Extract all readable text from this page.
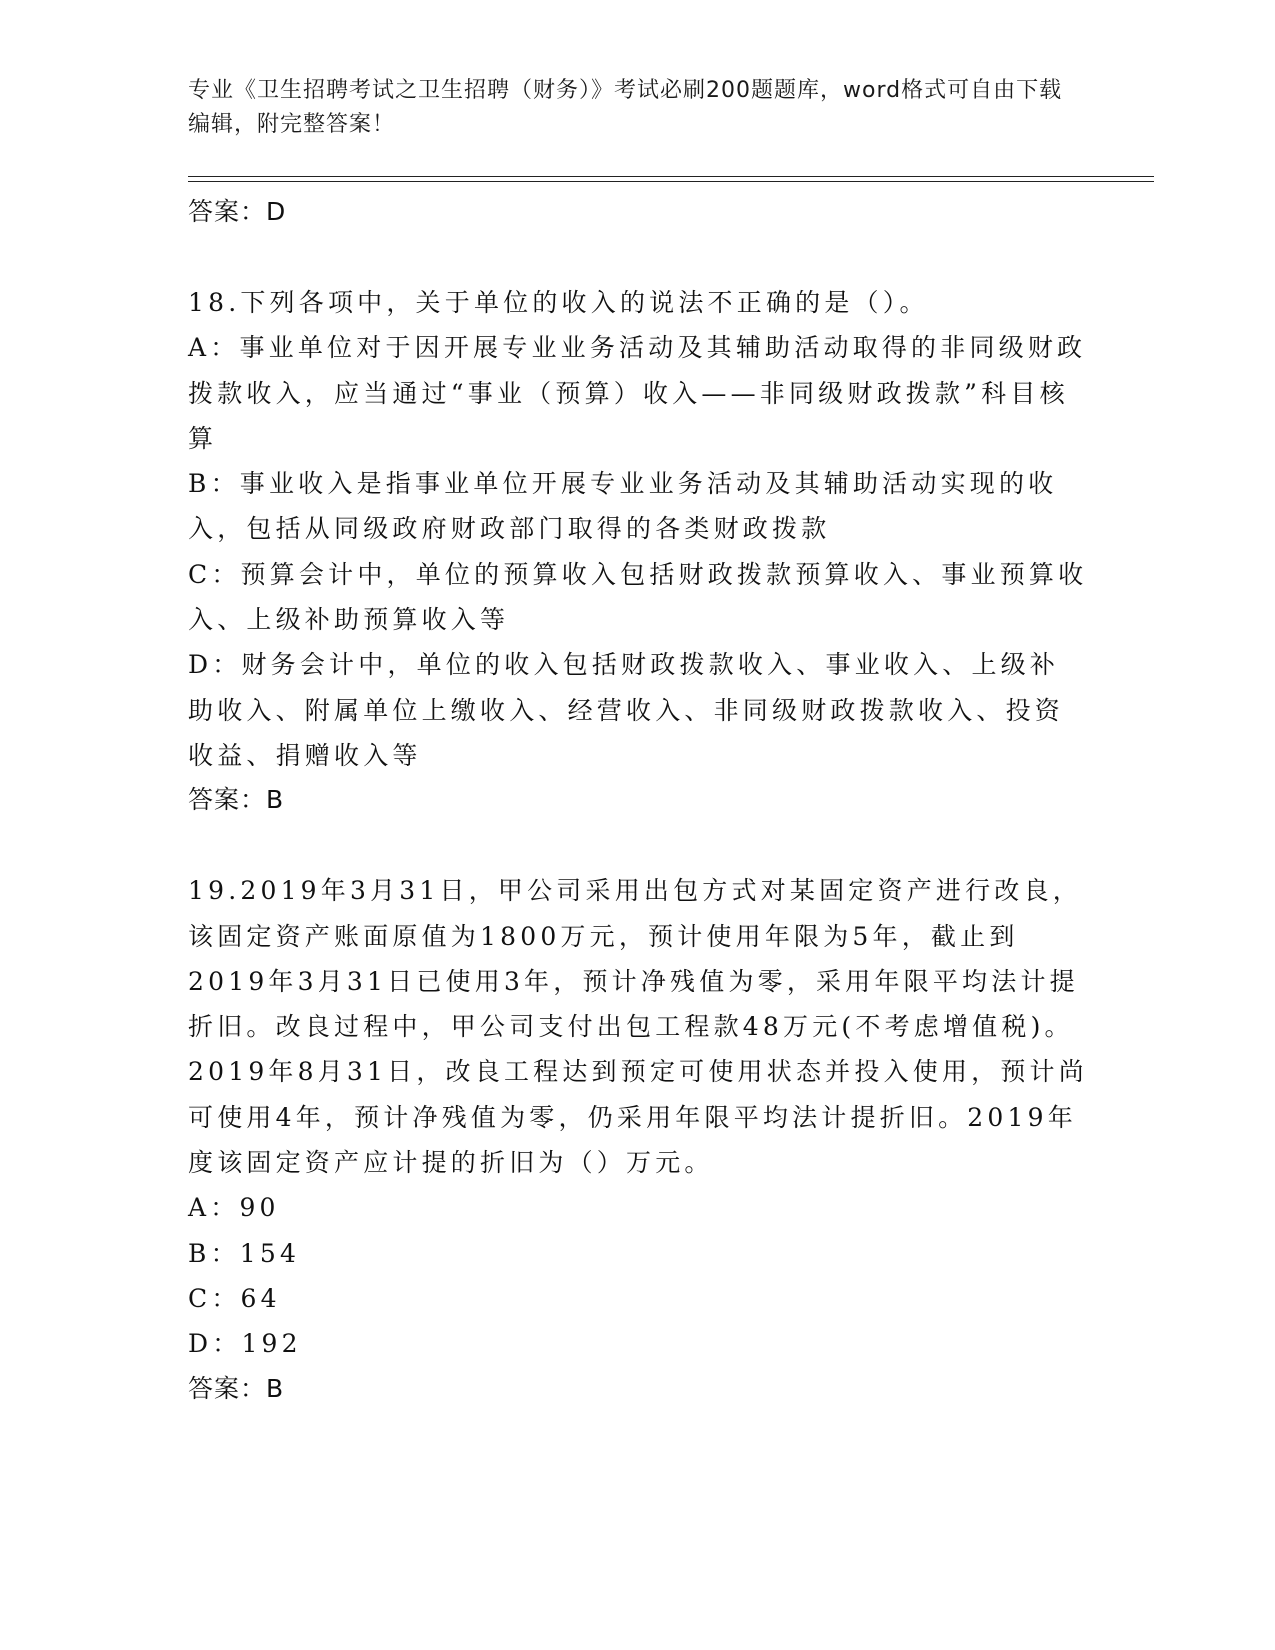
专业《卫生招聘考试之卫生招聘（财务）》考试必刷200题题库，word格式可自由下载编辑，附完整答案！
答案：D
18.下列各项中，关于单位的收入的说法不正确的是（）。
A：事业单位对于因开展专业业务活动及其辅助活动取得的非同级财政拨款收入，应当通过“事业（预算）收入——非同级财政拨款”科目核算
B：事业收入是指事业单位开展专业业务活动及其辅助活动实现的收入，包括从同级政府财政部门取得的各类财政拨款
C：预算会计中，单位的预算收入包括财政拨款预算收入、事业预算收入、上级补助预算收入等
D：财务会计中，单位的收入包括财政拨款收入、事业收入、上级补助收入、附属单位上缴收入、经营收入、非同级财政拨款收入、投资收益、捐赠收入等
答案：B
19.2019年3月31日，甲公司采用出包方式对某固定资产进行改良，该固定资产账面原值为1800万元，预计使用年限为5年，截止到2019年3月31日已使用3年，预计净残值为零，采用年限平均法计提折旧。改良过程中，甲公司支付出包工程款48万元(不考虑增值税)。2019年8月31日，改良工程达到预定可使用状态并投入使用，预计尚可使用4年，预计净残值为零，仍采用年限平均法计提折旧。2019年度该固定资产应计提的折旧为（）万元。
A：90
B：154
C：64
D：192
答案：B
